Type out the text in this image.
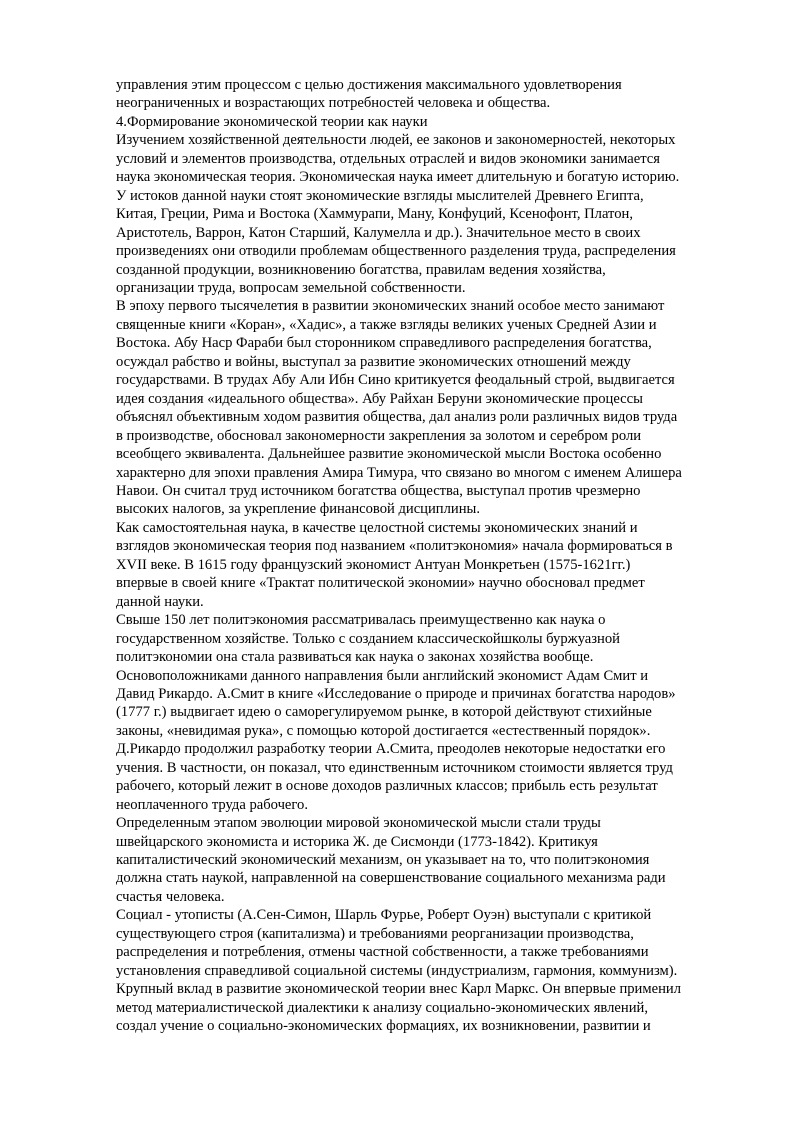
управления этим процессом с целью достижения максимального удовлетворения
неограниченных и возрастающих потребностей человека и общества.

4.Формирование экономической теории как науки

Изучением хозяйственной деятельности людей, ее законов и закономерностей, некоторых
условий и элементов производства, отдельных отраслей и видов экономики занимается
наука экономическая теория. Экономическая наука имеет длительную и богатую историю.
У истоков данной науки стоят экономические взгляды мыслителей Древнего Египта,
Китая, Греции, Рима и Востока (Хаммурапи, Ману, Конфуций, Ксенофонт, Платон,
Аристотель, Варрон, Катон Старший, Калумелла и др.). Значительное место в своих
произведениях они отводили проблемам общественного разделения труда, распределения
созданной продукции, возникновению богатства, правилам ведения хозяйства,
организации труда, вопросам земельной собственности.

В эпоху первого тысячелетия в развитии экономических знаний особое место занимают
священные книги «Коран», «Хадис», а также взгляды великих ученых Средней Азии и
Востока. Абу Наср Фараби был сторонником справедливого распределения богатства,
осуждал рабство и войны, выступал за развитие экономических отношений между
государствами. В трудах Абу Али Ибн Сино критикуется феодальный строй, выдвигается
идея создания «идеального общества». Абу Райхан Беруни экономические процессы
объяснял объективным ходом развития общества, дал анализ роли различных видов труда
в производстве, обосновал закономерности закрепления за золотом и серебром роли
всеобщего эквивалента. Дальнейшее развитие экономической мысли Востока особенно
характерно для эпохи правления Амира Тимура, что связано во многом с именем Алишера
Навои. Он считал труд источником богатства общества, выступал против чрезмерно
высоких налогов, за укрепление финансовой дисциплины.

Как самостоятельная наука, в качестве целостной системы экономических знаний и
взглядов экономическая теория под названием «политэкономия» начала формироваться в
XVII веке. В 1615 году французский экономист Антуан Монкретьен (1575-1621гг.)
впервые в своей книге «Трактат политической экономии» научно обосновал предмет
данной науки.

Свыше 150 лет политэкономия рассматривалась преимущественно как наука о
государственном хозяйстве. Только с созданием классическойшколы буржуазной
политэкономии она стала развиваться как наука о законах хозяйства вообще.
Основоположниками данного направления были английский экономист Адам Смит и
Давид Рикардо. А.Смит в книге «Исследование о природе и причинах богатства народов»
(1777 г.) выдвигает идею о саморегулируемом рынке, в которой действуют стихийные
законы, «невидимая рука», с помощью которой достигается «естественный порядок».
Д.Рикардо продолжил разработку теории А.Смита, преодолев некоторые недостатки его
учения. В частности, он показал, что единственным источником стоимости является труд
рабочего, который лежит в основе доходов различных классов; прибыль есть результат
неоплаченного труда рабочего.

Определенным этапом эволюции мировой экономической мысли стали труды
швейцарского экономиста и историка Ж. де Сисмонди (1773-1842). Критикуя
капиталистический экономический механизм, он указывает на то, что политэкономия
должна стать наукой, направленной на совершенствование социального механизма ради
счастья человека.

Социал - утописты (А.Сен-Симон, Шарль Фурье, Роберт Оуэн) выступали с критикой
существующего строя (капитализма) и требованиями реорганизации производства,
распределения и потребления, отмены частной собственности, а также требованиями
установления справедливой социальной системы (индустриализм, гармония, коммунизм).

Крупный вклад в развитие экономической теории внес Карл Маркс. Он впервые применил
метод материалистической диалектики к анализу социально-экономических явлений,
создал учение о социально-экономических формациях, их возникновении, развитии и
